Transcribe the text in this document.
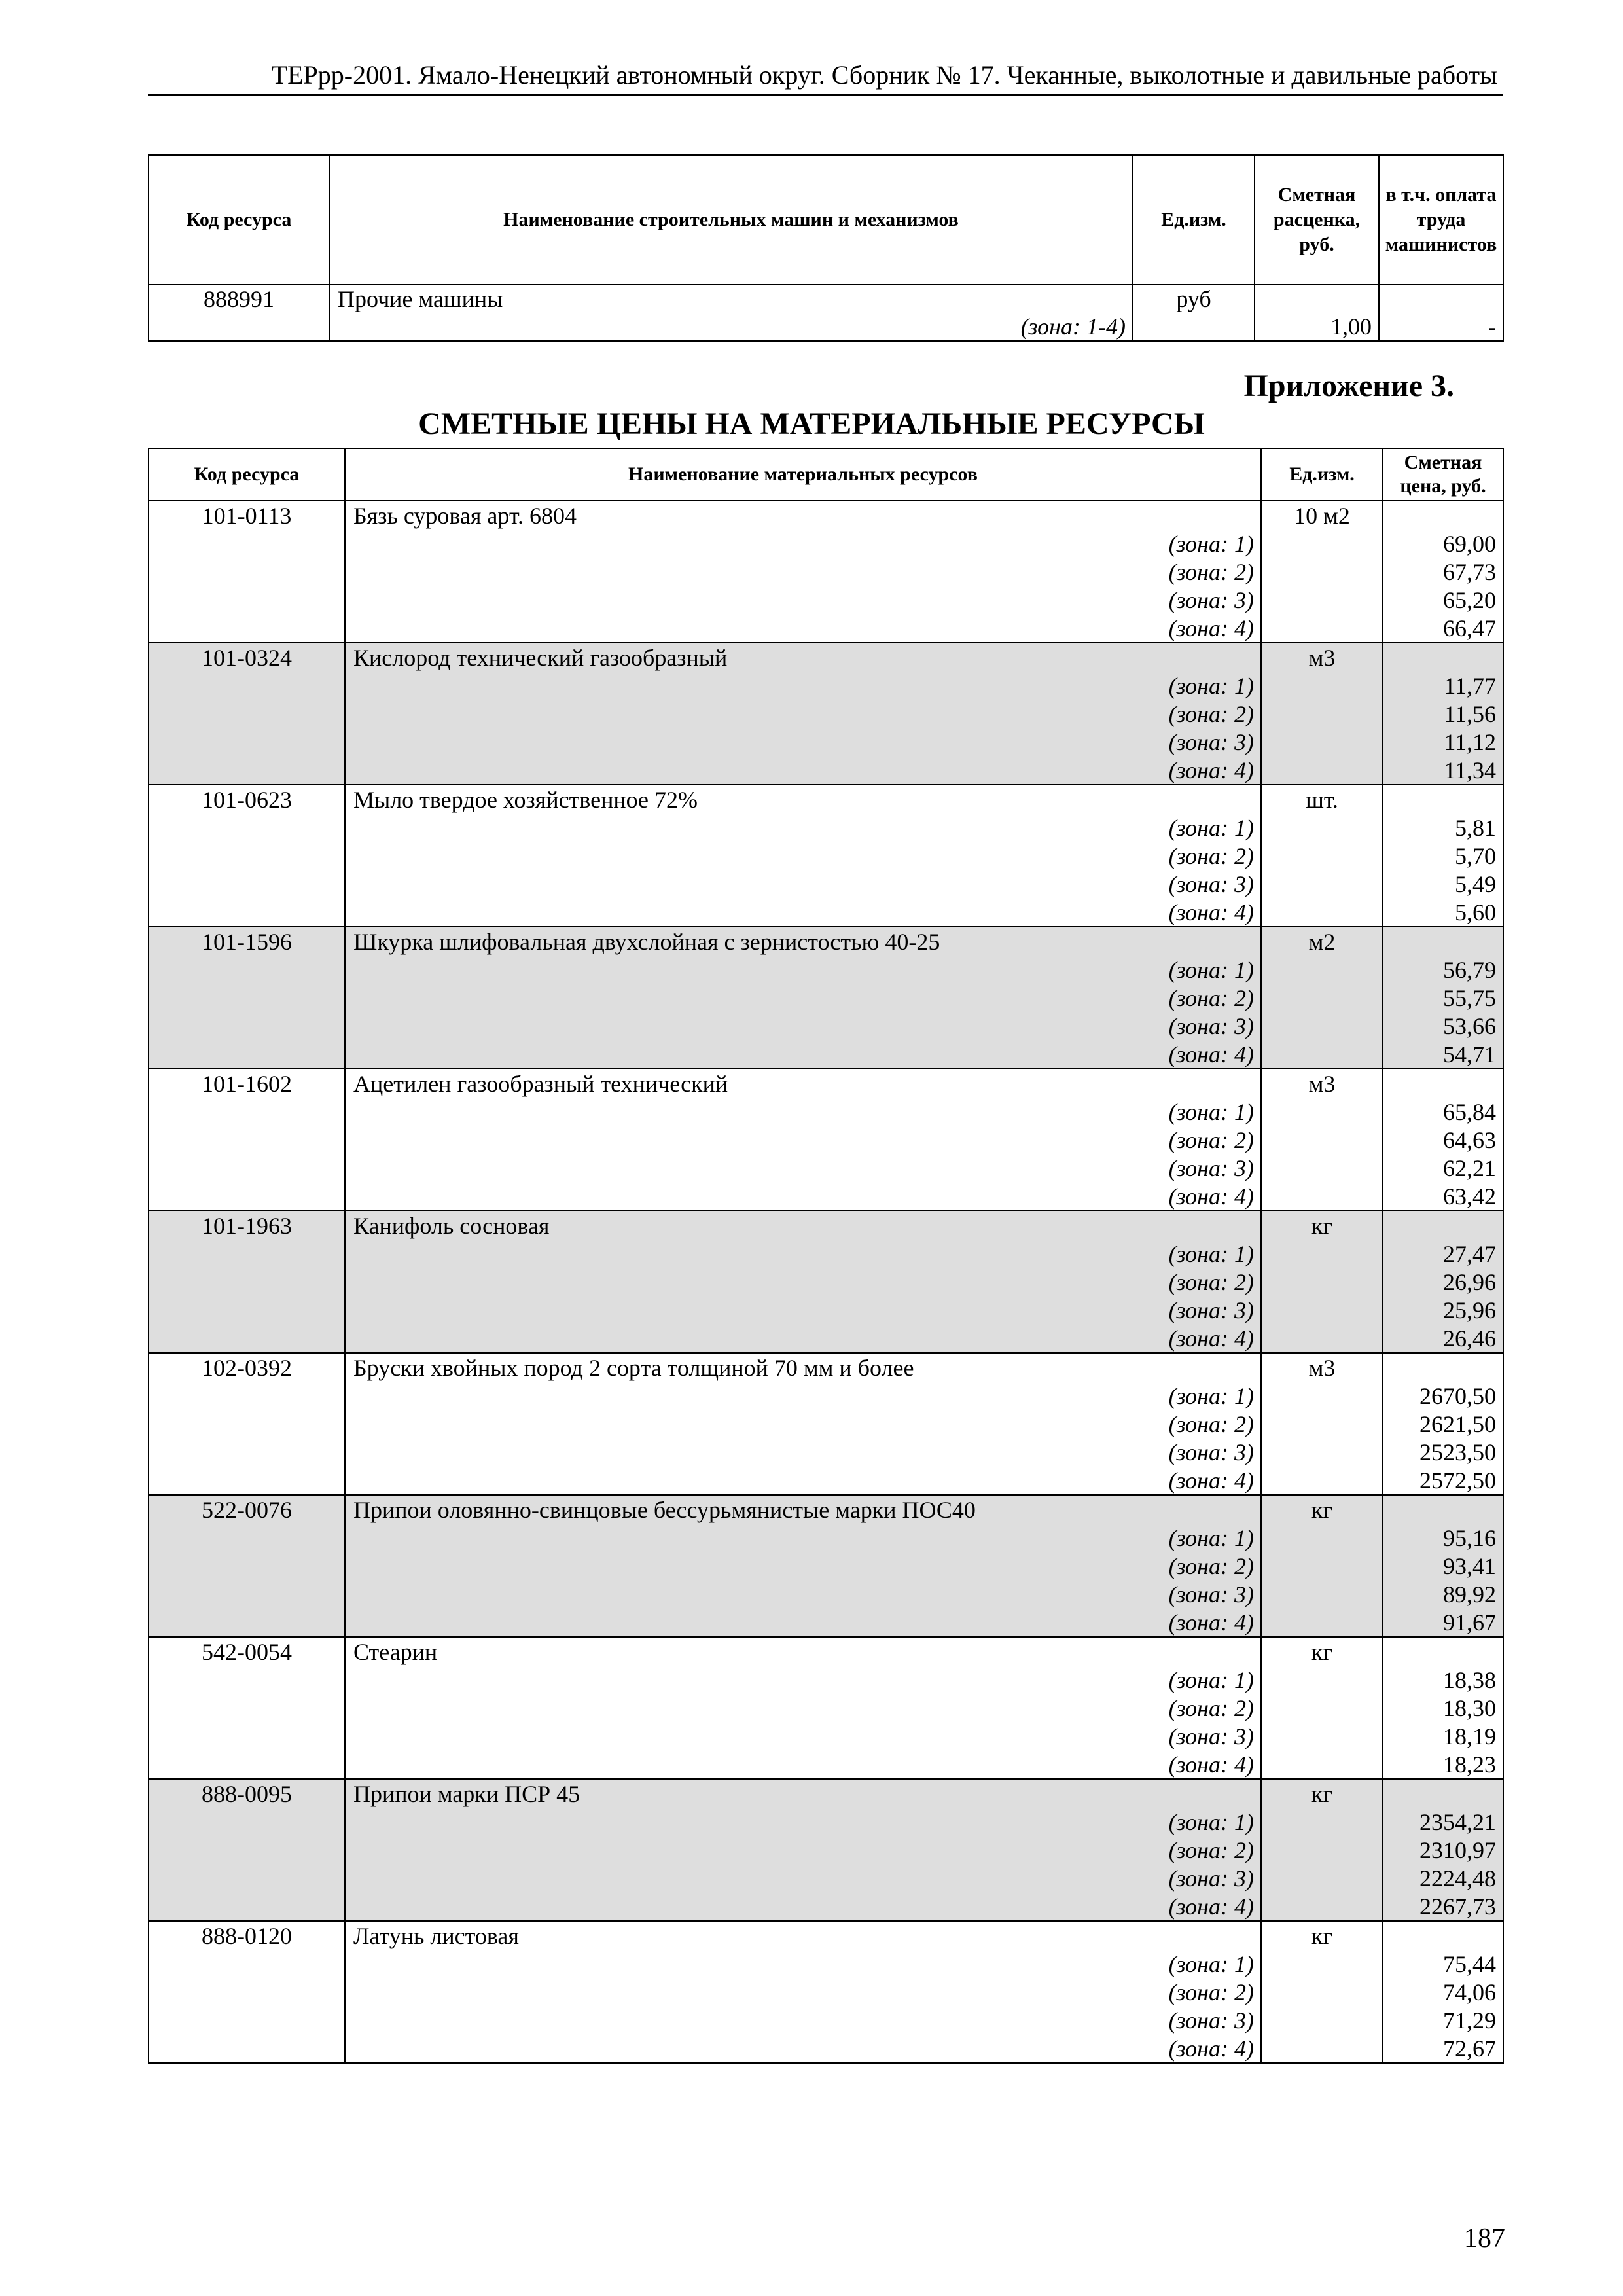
ТЕРрр-2001. Ямало-Ненецкий автономный округ. Сборник № 17. Чеканные, выколотные и давильные работы
Код ресурса	Наименование строительных машин и механизмов	Ед.изм.	Сметная расценка, руб.	в т.ч. оплата труда машинистов
888991	Прочие машины	руб		
	(зона: 1-4)		1,00	-
Приложение 3.
СМЕТНЫЕ ЦЕНЫ НА МАТЕРИАЛЬНЫЕ РЕСУРСЫ
Код ресурса	Наименование материальных ресурсов	Ед.изм.	Сметная цена, руб.
101-0113	Бязь суровая арт. 6804	10 м2	
	(зона: 1)		69,00
	(зона: 2)		67,73
	(зона: 3)		65,20
	(зона: 4)		66,47
101-0324	Кислород технический газообразный	м3	
	(зона: 1)		11,77
	(зона: 2)		11,56
	(зона: 3)		11,12
	(зона: 4)		11,34
101-0623	Мыло твердое хозяйственное 72%	шт.	
	(зона: 1)		5,81
	(зона: 2)		5,70
	(зона: 3)		5,49
	(зона: 4)		5,60
101-1596	Шкурка шлифовальная двухслойная с зернистостью 40-25	м2	
	(зона: 1)		56,79
	(зона: 2)		55,75
	(зона: 3)		53,66
	(зона: 4)		54,71
101-1602	Ацетилен газообразный технический	м3	
	(зона: 1)		65,84
	(зона: 2)		64,63
	(зона: 3)		62,21
	(зона: 4)		63,42
101-1963	Канифоль сосновая	кг	
	(зона: 1)		27,47
	(зона: 2)		26,96
	(зона: 3)		25,96
	(зона: 4)		26,46
102-0392	Бруски хвойных пород 2 сорта толщиной 70 мм и более	м3	
	(зона: 1)		2670,50
	(зона: 2)		2621,50
	(зона: 3)		2523,50
	(зона: 4)		2572,50
522-0076	Припои оловянно-свинцовые бессурьмянистые марки ПОС40	кг	
	(зона: 1)		95,16
	(зона: 2)		93,41
	(зона: 3)		89,92
	(зона: 4)		91,67
542-0054	Стеарин	кг	
	(зона: 1)		18,38
	(зона: 2)		18,30
	(зона: 3)		18,19
	(зона: 4)		18,23
888-0095	Припои марки ПСР 45	кг	
	(зона: 1)		2354,21
	(зона: 2)		2310,97
	(зона: 3)		2224,48
	(зона: 4)		2267,73
888-0120	Латунь листовая	кг	
	(зона: 1)		75,44
	(зона: 2)		74,06
	(зона: 3)		71,29
	(зона: 4)		72,67
187
